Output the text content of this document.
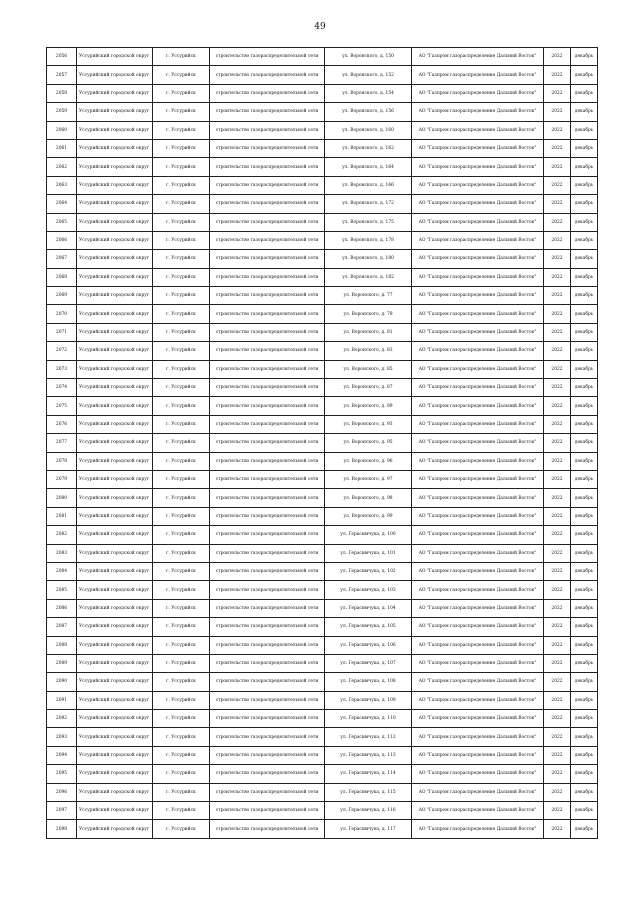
49
2056	Уссурийский городской округ	г. Уссурийск	строительство газораспределительной сети	ул. Воронского, д. 150	АО "Газпром газораспределение Дальний Восток"	2022	декабрь
2057	Уссурийский городской округ	г. Уссурийск	строительство газораспределительной сети	ул. Воронского, д. 152	АО "Газпром газораспределение Дальний Восток"	2022	декабрь
2058	Уссурийский городской округ	г. Уссурийск	строительство газораспределительной сети	ул. Воронского, д. 154	АО "Газпром газораспределение Дальний Восток"	2022	декабрь
2059	Уссурийский городской округ	г. Уссурийск	строительство газораспределительной сети	ул. Воронского, д. 156	АО "Газпром газораспределение Дальний Восток"	2022	декабрь
2060	Уссурийский городской округ	г. Уссурийск	строительство газораспределительной сети	ул. Воронского, д. 160	АО "Газпром газораспределение Дальний Восток"	2022	декабрь
2061	Уссурийский городской округ	г. Уссурийск	строительство газораспределительной сети	ул. Воронского, д. 162	АО "Газпром газораспределение Дальний Восток"	2022	декабрь
2062	Уссурийский городской округ	г. Уссурийск	строительство газораспределительной сети	ул. Воронского, д. 164	АО "Газпром газораспределение Дальний Восток"	2022	декабрь
2063	Уссурийский городской округ	г. Уссурийск	строительство газораспределительной сети	ул. Воронского, д. 166	АО "Газпром газораспределение Дальний Восток"	2022	декабрь
2064	Уссурийский городской округ	г. Уссурийск	строительство газораспределительной сети	ул. Воронского, д. 172	АО "Газпром газораспределение Дальний Восток"	2022	декабрь
2065	Уссурийский городской округ	г. Уссурийск	строительство газораспределительной сети	ул. Воронского, д. 175	АО "Газпром газораспределение Дальний Восток"	2022	декабрь
2066	Уссурийский городской округ	г. Уссурийск	строительство газораспределительной сети	ул. Воронского, д. 178	АО "Газпром газораспределение Дальний Восток"	2022	декабрь
2067	Уссурийский городской округ	г. Уссурийск	строительство газораспределительной сети	ул. Воронского, д. 180	АО "Газпром газораспределение Дальний Восток"	2022	декабрь
2068	Уссурийский городской округ	г. Уссурийск	строительство газораспределительной сети	ул. Воронского, д. 182	АО "Газпром газораспределение Дальний Восток"	2022	декабрь
2069	Уссурийский городской округ	г. Уссурийск	строительство газораспределительной сети	ул. Воронского, д. 77	АО "Газпром газораспределение Дальний Восток"	2022	декабрь
2070	Уссурийский городской округ	г. Уссурийск	строительство газораспределительной сети	ул. Воронского, д. 79	АО "Газпром газораспределение Дальний Восток"	2022	декабрь
2071	Уссурийский городской округ	г. Уссурийск	строительство газораспределительной сети	ул. Воронского, д. 81	АО "Газпром газораспределение Дальний Восток"	2022	декабрь
2072	Уссурийский городской округ	г. Уссурийск	строительство газораспределительной сети	ул. Воронского, д. 83	АО "Газпром газораспределение Дальний Восток"	2022	декабрь
2073	Уссурийский городской округ	г. Уссурийск	строительство газораспределительной сети	ул. Воронского, д. 85	АО "Газпром газораспределение Дальний Восток"	2022	декабрь
2074	Уссурийский городской округ	г. Уссурийск	строительство газораспределительной сети	ул. Воронского, д. 87	АО "Газпром газораспределение Дальний Восток"	2022	декабрь
2075	Уссурийский городской округ	г. Уссурийск	строительство газораспределительной сети	ул. Воронского, д. 89	АО "Газпром газораспределение Дальний Восток"	2022	декабрь
2076	Уссурийский городской округ	г. Уссурийск	строительство газораспределительной сети	ул. Воронского, д. 93	АО "Газпром газораспределение Дальний Восток"	2022	декабрь
2077	Уссурийский городской округ	г. Уссурийск	строительство газораспределительной сети	ул. Воронского, д. 95	АО "Газпром газораспределение Дальний Восток"	2022	декабрь
2078	Уссурийский городской округ	г. Уссурийск	строительство газораспределительной сети	ул. Воронского, д. 96	АО "Газпром газораспределение Дальний Восток"	2022	декабрь
2079	Уссурийский городской округ	г. Уссурийск	строительство газораспределительной сети	ул. Воронского, д. 97	АО "Газпром газораспределение Дальний Восток"	2022	декабрь
2080	Уссурийский городской округ	г. Уссурийск	строительство газораспределительной сети	ул. Воронского, д. 98	АО "Газпром газораспределение Дальний Восток"	2022	декабрь
2081	Уссурийский городской округ	г. Уссурийск	строительство газораспределительной сети	ул. Воронского, д. 99	АО "Газпром газораспределение Дальний Восток"	2022	декабрь
2082	Уссурийский городской округ	г. Уссурийск	строительство газораспределительной сети	ул. Герасимчука, д. 100	АО "Газпром газораспределение Дальний Восток"	2022	декабрь
2083	Уссурийский городской округ	г. Уссурийск	строительство газораспределительной сети	ул. Герасимчука, д. 101	АО "Газпром газораспределение Дальний Восток"	2022	декабрь
2084	Уссурийский городской округ	г. Уссурийск	строительство газораспределительной сети	ул. Герасимчука, д. 102	АО "Газпром газораспределение Дальний Восток"	2022	декабрь
2085	Уссурийский городской округ	г. Уссурийск	строительство газораспределительной сети	ул. Герасимчука, д. 103	АО "Газпром газораспределение Дальний Восток"	2022	декабрь
2086	Уссурийский городской округ	г. Уссурийск	строительство газораспределительной сети	ул. Герасимчука, д. 104	АО "Газпром газораспределение Дальний Восток"	2022	декабрь
2087	Уссурийский городской округ	г. Уссурийск	строительство газораспределительной сети	ул. Герасимчука, д. 105	АО "Газпром газораспределение Дальний Восток"	2022	декабрь
2088	Уссурийский городской округ	г. Уссурийск	строительство газораспределительной сети	ул. Герасимчука, д. 106	АО "Газпром газораспределение Дальний Восток"	2022	декабрь
2089	Уссурийский городской округ	г. Уссурийск	строительство газораспределительной сети	ул. Герасимчука, д. 107	АО "Газпром газораспределение Дальний Восток"	2022	декабрь
2090	Уссурийский городской округ	г. Уссурийск	строительство газораспределительной сети	ул. Герасимчука, д. 108	АО "Газпром газораспределение Дальний Восток"	2022	декабрь
2091	Уссурийский городской округ	г. Уссурийск	строительство газораспределительной сети	ул. Герасимчука, д. 109	АО "Газпром газораспределение Дальний Восток"	2022	декабрь
2092	Уссурийский городской округ	г. Уссурийск	строительство газораспределительной сети	ул. Герасимчука, д. 110	АО "Газпром газораспределение Дальний Восток"	2022	декабрь
2093	Уссурийский городской округ	г. Уссурийск	строительство газораспределительной сети	ул. Герасимчука, д. 112	АО "Газпром газораспределение Дальний Восток"	2022	декабрь
2094	Уссурийский городской округ	г. Уссурийск	строительство газораспределительной сети	ул. Герасимчука, д. 113	АО "Газпром газораспределение Дальний Восток"	2022	декабрь
2095	Уссурийский городской округ	г. Уссурийск	строительство газораспределительной сети	ул. Герасимчука, д. 114	АО "Газпром газораспределение Дальний Восток"	2022	декабрь
2096	Уссурийский городской округ	г. Уссурийск	строительство газораспределительной сети	ул. Герасимчука, д. 115	АО "Газпром газораспределение Дальний Восток"	2022	декабрь
2097	Уссурийский городской округ	г. Уссурийск	строительство газораспределительной сети	ул. Герасимчука, д. 116	АО "Газпром газораспределение Дальний Восток"	2022	декабрь
2098	Уссурийский городской округ	г. Уссурийск	строительство газораспределительной сети	ул. Герасимчука, д. 117	АО "Газпром газораспределение Дальний Восток"	2022	декабрь
